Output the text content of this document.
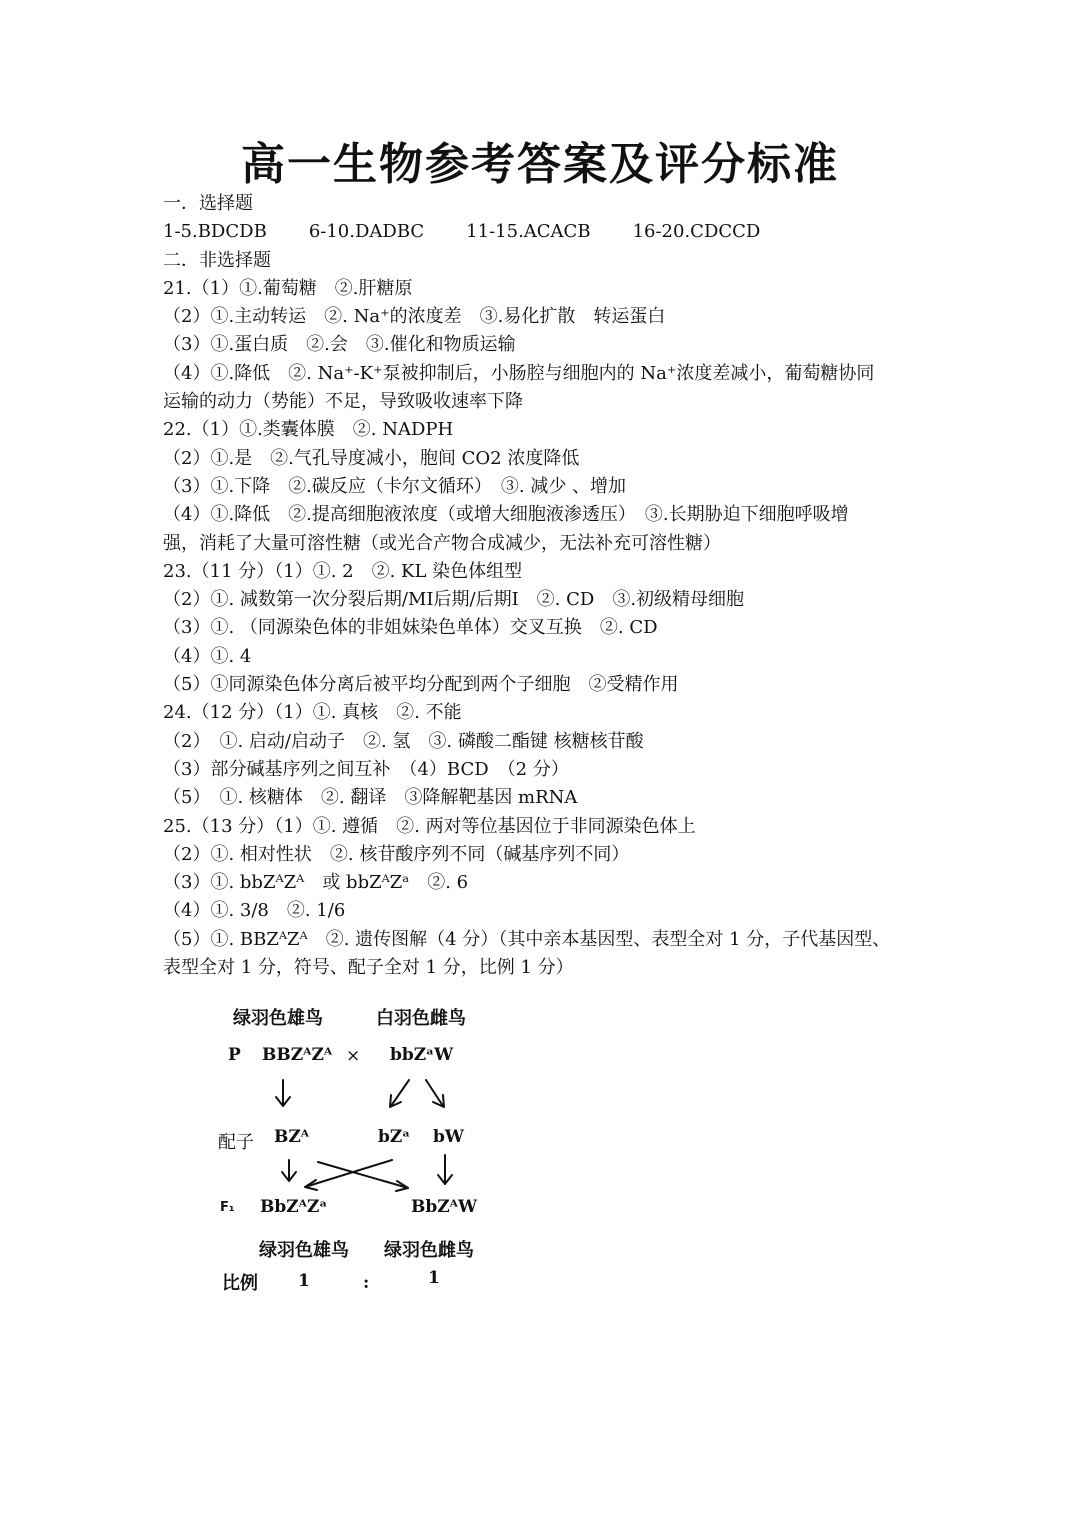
高一生物参考答案及评分标准
一．选择题
1-5.BDCDB 6-10.DADBC 11-15.ACACB 16-20.CDCCD
二．非选择题
21.（1）①.葡萄糖　②.肝糖原
（2）①.主动转运　②. Na⁺的浓度差　③.易化扩散　转运蛋白
（3）①.蛋白质　②.会　③.催化和物质运输
（4）①.降低　②. Na⁺-K⁺泵被抑制后，小肠腔与细胞内的 Na⁺浓度差减小，葡萄糖协同
运输的动力（势能）不足，导致吸收速率下降
22.（1）①.类囊体膜　②. NADPH
（2）①.是　②.气孔导度减小，胞间 CO2 浓度降低
（3）①.下降　②.碳反应（卡尔文循环）　③. 减少 、增加
（4）①.降低　②.提高细胞液浓度（或增大细胞液渗透压）　③.长期胁迫下细胞呼吸增
强，消耗了大量可溶性糖（或光合产物合成减少，无法补充可溶性糖）
23.（11 分）（1）①. 2　②. KL 染色体组型
（2）①. 减数第一次分裂后期/MI后期/后期I　②. CD　③.初级精母细胞
（3）①. （同源染色体的非姐妹染色单体）交叉互换　②. CD
（4）①. 4
（5）①同源染色体分离后被平均分配到两个子细胞　②受精作用
24.（12 分）（1）①. 真核　②. 不能
（2）　①. 启动/启动子　②. 氢　③. 磷酸二酯键 核糖核苷酸
（3）部分碱基序列之间互补　（4）BCD　（2 分）
（5）　①. 核糖体　②. 翻译　③降解靶基因 mRNA
25.（13 分）（1）①. 遵循　②. 两对等位基因位于非同源染色体上
（2）①. 相对性状　②. 核苷酸序列不同（碱基序列不同）
（3）①. bbZᴬZᴬ　或 bbZᴬZᵃ　②. 6
（4）①. 3/8　②. 1/6
（5）①. BBZᴬZᴬ　②. 遗传图解（4 分）（其中亲本基因型、表型全对 1 分，子代基因型、
表型全对 1 分，符号、配子全对 1 分，比例 1 分）
绿羽色雄鸟	白羽色雌鸟
P BBZᴬZᴬ × bbZᵃW
配子 BZᴬ	bZᵃ bW
F₁ BbZᴬZᵃ	BbZᴬW
绿羽色雄鸟 绿羽色雌鸟
比例 1	:	1
